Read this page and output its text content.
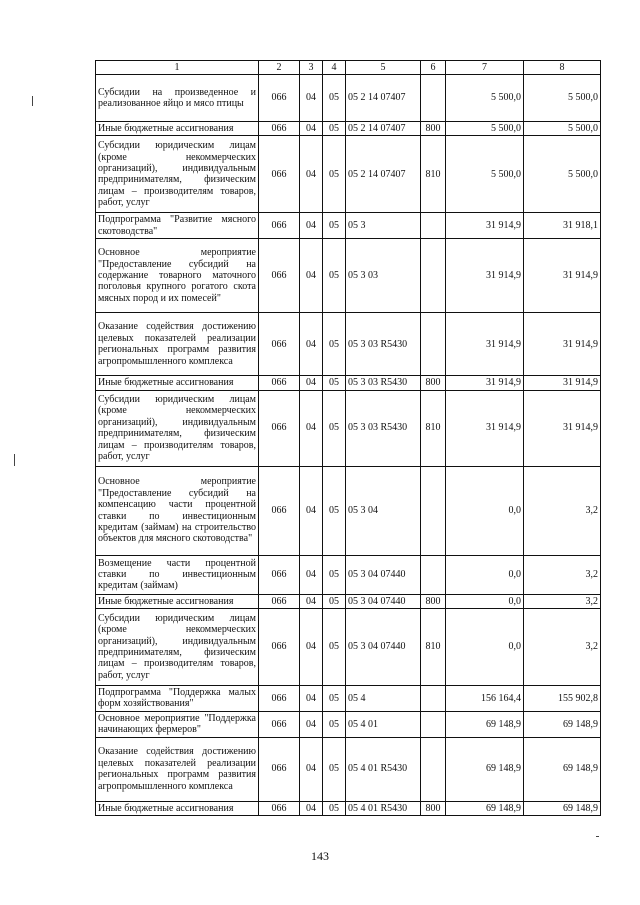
1	2	3	4	5	6	7	8
Субсидии на произведенное и реализованное яйцо и мясо птицы	066	04	05	05 2 14 07407		5 500,0	5 500,0
Иные бюджетные ассигнования	066	04	05	05 2 14 07407	800	5 500,0	5 500,0
Субсидии юридическим лицам (кроме некоммерческих организаций), индивидуальным предпринимателям, физическим лицам – производителям товаров, работ, услуг	066	04	05	05 2 14 07407	810	5 500,0	5 500,0
Подпрограмма "Развитие мясного скотоводства"	066	04	05	05 3		31 914,9	31 918,1
Основное мероприятие "Предоставление субсидий на содержание товарного маточного поголовья крупного рогатого скота мясных пород и их помесей"	066	04	05	05 3 03		31 914,9	31 914,9
Оказание содействия достижению целевых показателей реализации региональных программ развития агропромышленного комплекса	066	04	05	05 3 03 R5430		31 914,9	31 914,9
Иные бюджетные ассигнования	066	04	05	05 3 03 R5430	800	31 914,9	31 914,9
Субсидии юридическим лицам (кроме некоммерческих организаций), индивидуальным предпринимателям, физическим лицам – производителям товаров, работ, услуг	066	04	05	05 3 03 R5430	810	31 914,9	31 914,9
Основное мероприятие "Предоставление субсидий на компенсацию части процентной ставки по инвестиционным кредитам (займам) на строительство объектов для мясного скотоводства"	066	04	05	05 3 04		0,0	3,2
Возмещение части процентной ставки по инвестиционным кредитам (займам)	066	04	05	05 3 04 07440		0,0	3,2
Иные бюджетные ассигнования	066	04	05	05 3 04 07440	800	0,0	3,2
Субсидии юридическим лицам (кроме некоммерческих организаций), индивидуальным предпринимателям, физическим лицам – производителям товаров, работ, услуг	066	04	05	05 3 04 07440	810	0,0	3,2
Подпрограмма "Поддержка малых форм хозяйствования"	066	04	05	05 4		156 164,4	155 902,8
Основное мероприятие "Поддержка начинающих фермеров"	066	04	05	05 4 01		69 148,9	69 148,9
Оказание содействия достижению целевых показателей реализации региональных программ развития агропромышленного комплекса	066	04	05	05 4 01 R5430		69 148,9	69 148,9
Иные бюджетные ассигнования	066	04	05	05 4 01 R5430	800	69 148,9	69 148,9
143
